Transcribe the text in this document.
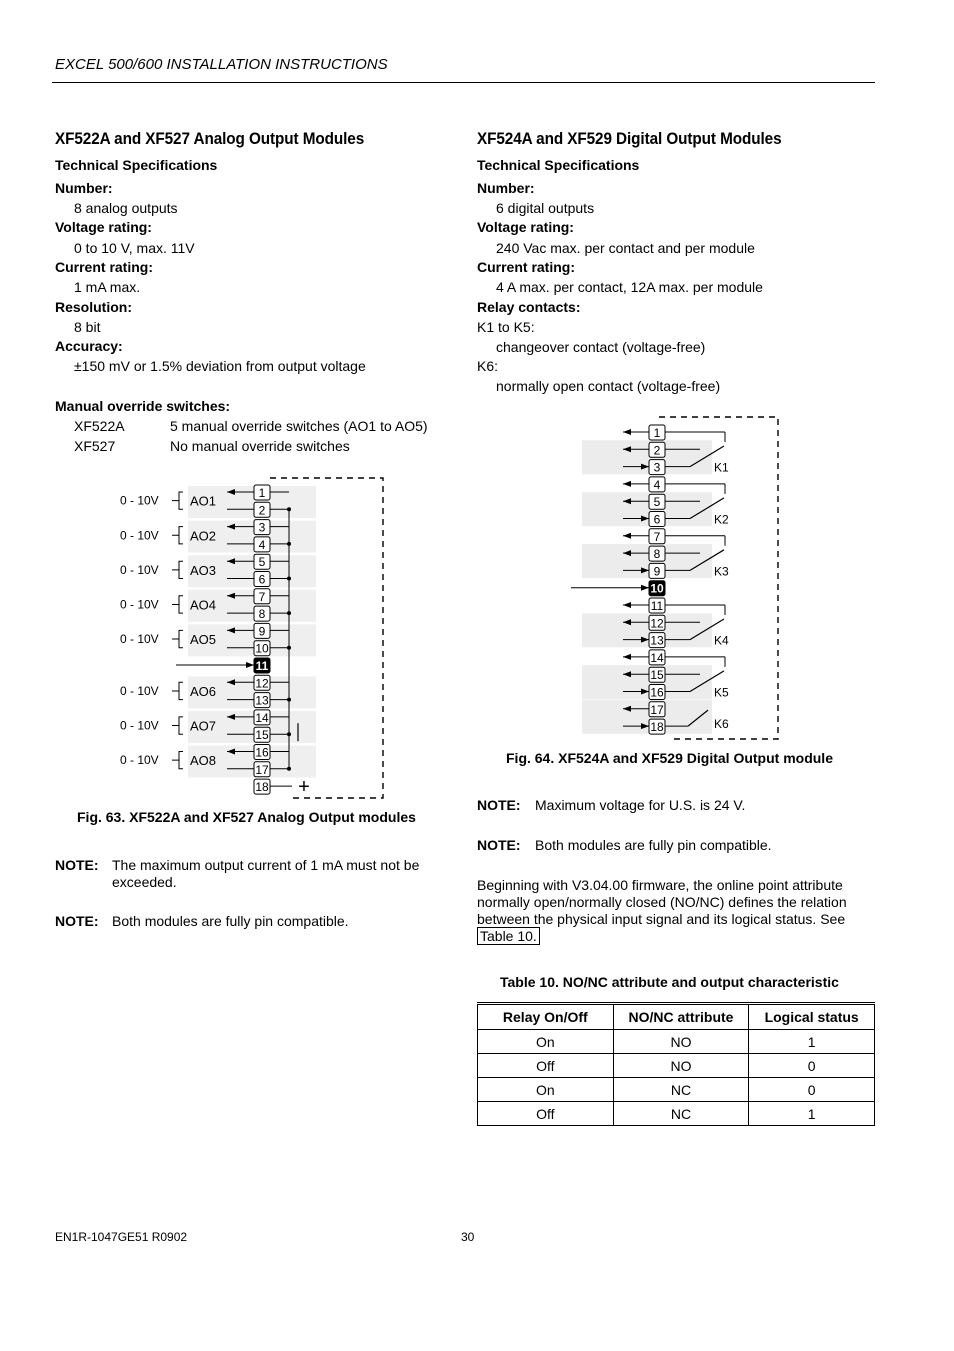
EXCEL 500/600 INSTALLATION INSTRUCTIONS
XF522A and XF527 Analog Output Modules
Technical Specifications
Number:
8 analog outputs
Voltage rating:
0 to 10 V, max. 11V
Current rating:
1 mA max.
Resolution:
8 bit
Accuracy:
±150 mV or 1.5% deviation from output voltage
Manual override switches:
XF522A	5 manual override switches (AO1 to AO5)
XF527	No manual override switches
1
2
3
4
5
6
7
8
9
10
11
12
13
14
15
16
17
18
AO1
0 - 10V
AO2
0 - 10V
AO3
0 - 10V
AO4
0 - 10V
AO5
0 - 10V
AO6
0 - 10V
AO7
0 - 10V
AO8
0 - 10V
+
1
2
3
4
5
6
7
8
9
10
11
12
13
14
15
16
17
18
K1
K2
K3
K4
K5
K6
Fig. 63. XF522A and XF527 Analog Output modules
NOTE: The maximum output current of 1 mA must not be exceeded.
NOTE: Both modules are fully pin compatible.
XF524A and XF529 Digital Output Modules
Technical Specifications
Number:
6 digital outputs
Voltage rating:
240 Vac max. per contact and per module
Current rating:
4 A max. per contact, 12A max. per module
Relay contacts:
K1 to K5:
changeover contact (voltage-free)
K6:
normally open contact (voltage-free)
Fig. 64. XF524A and XF529 Digital Output module
NOTE: Maximum voltage for U.S. is 24 V.
NOTE: Both modules are fully pin compatible.
Beginning with V3.04.00 firmware, the online point attribute
normally open/normally closed (NO/NC) defines the relation
between the physical input signal and its logical status. See
Table 10.
Table 10. NO/NC attribute and output characteristic
Relay On/Off	NO/NC attribute	Logical status
On	NO	1
Off	NO	0
On	NC	0
Off	NC	1
EN1R-1047GE51 R0902	30
